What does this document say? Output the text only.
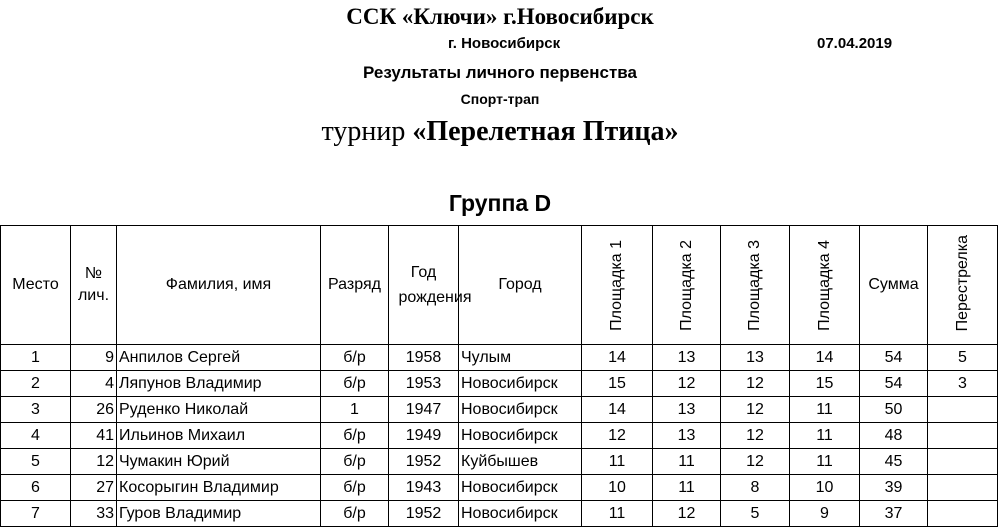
ССК «Ключи» г.Новосибирск
г. Новосибирск	07.04.2019
Результаты личного первенства
Спорт-трап
турнир «Перелетная Птица»
Группа D
Место	№ лич.	Фамилия, имя	Разряд	Год рождения	Город	Площадка 1	Площадка 2	Площадка 3	Площадка 4	Сумма	Перестрелка
1	9	Анпилов Сергей	б/р	1958	Чулым	14	13	13	14	54	5
2	4	Ляпунов Владимир	б/р	1953	Новосибирск	15	12	12	15	54	3
3	26	Руденко Николай	1	1947	Новосибирск	14	13	12	11	50	
4	41	Ильинов Михаил	б/р	1949	Новосибирск	12	13	12	11	48	
5	12	Чумакин Юрий	б/р	1952	Куйбышев	11	11	12	11	45	
6	27	Косорыгин Владимир	б/р	1943	Новосибирск	10	11	8	10	39	
7	33	Гуров Владимир	б/р	1952	Новосибирск	11	12	5	9	37	
